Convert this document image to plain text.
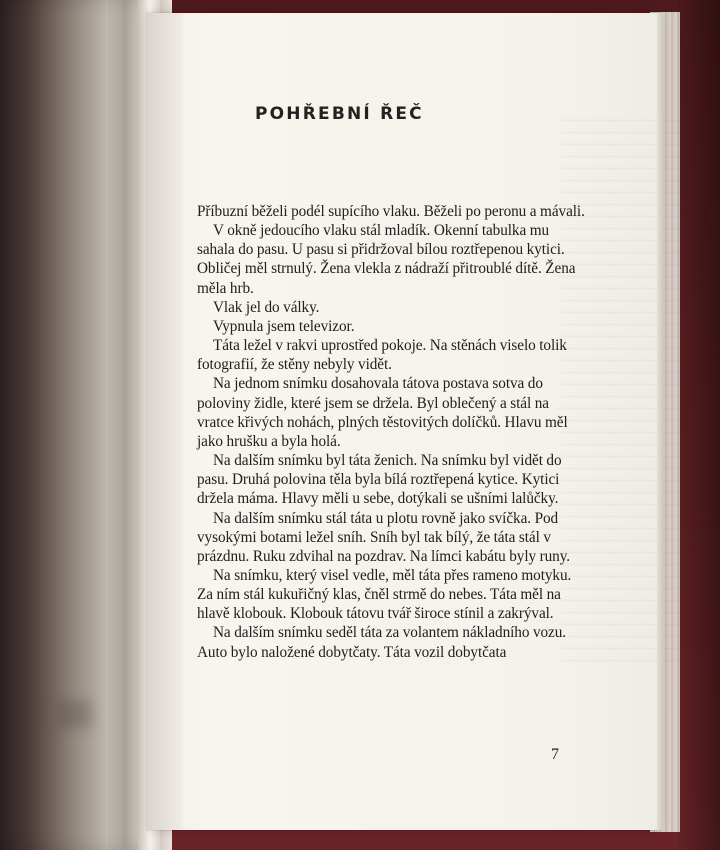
POHŘEBNÍ ŘEČ
Příbuzní běželi podél supícího vlaku. Běželi po peronu a mávali.
V okně jedoucího vlaku stál mladík. Okenní tabulka mu sahala do pasu. U pasu si přidržoval bílou roztřepenou kytici. Obličej měl strnulý. Žena vlekla z nádraží přitroublé dítě. Žena měla hrb.
Vlak jel do války.
Vypnula jsem televizor.
Táta ležel v rakvi uprostřed pokoje. Na stěnách viselo tolik fotografií, že stěny nebyly vidět.
Na jednom snímku dosahovala tátova postava sotva do poloviny židle, které jsem se držela. Byl oblečený a stál na vratce křivých nohách, plných těstovitých dolíčků. Hlavu měl jako hrušku a byla holá.
Na dalším snímku byl táta ženich. Na snímku byl vidět do pasu. Druhá polovina těla byla bílá roztřepená kytice. Kytici držela máma. Hlavy měli u sebe, dotýkali se ušními lalůčky.
Na dalším snímku stál táta u plotu rovně jako svíčka. Pod vysokými botami ležel sníh. Sníh byl tak bílý, že táta stál v prázdnu. Ruku zdvihal na pozdrav. Na límci kabátu byly runy.
Na snímku, který visel vedle, měl táta přes rameno motyku. Za ním stál kukuřičný klas, čněl strmě do nebes. Táta měl na hlavě klobouk. Klobouk tátovu tvář široce stínil a zakrýval.
Na dalším snímku seděl táta za volantem nákladního vozu. Auto bylo naložené dobytčaty. Táta vozil dobytčata
7
